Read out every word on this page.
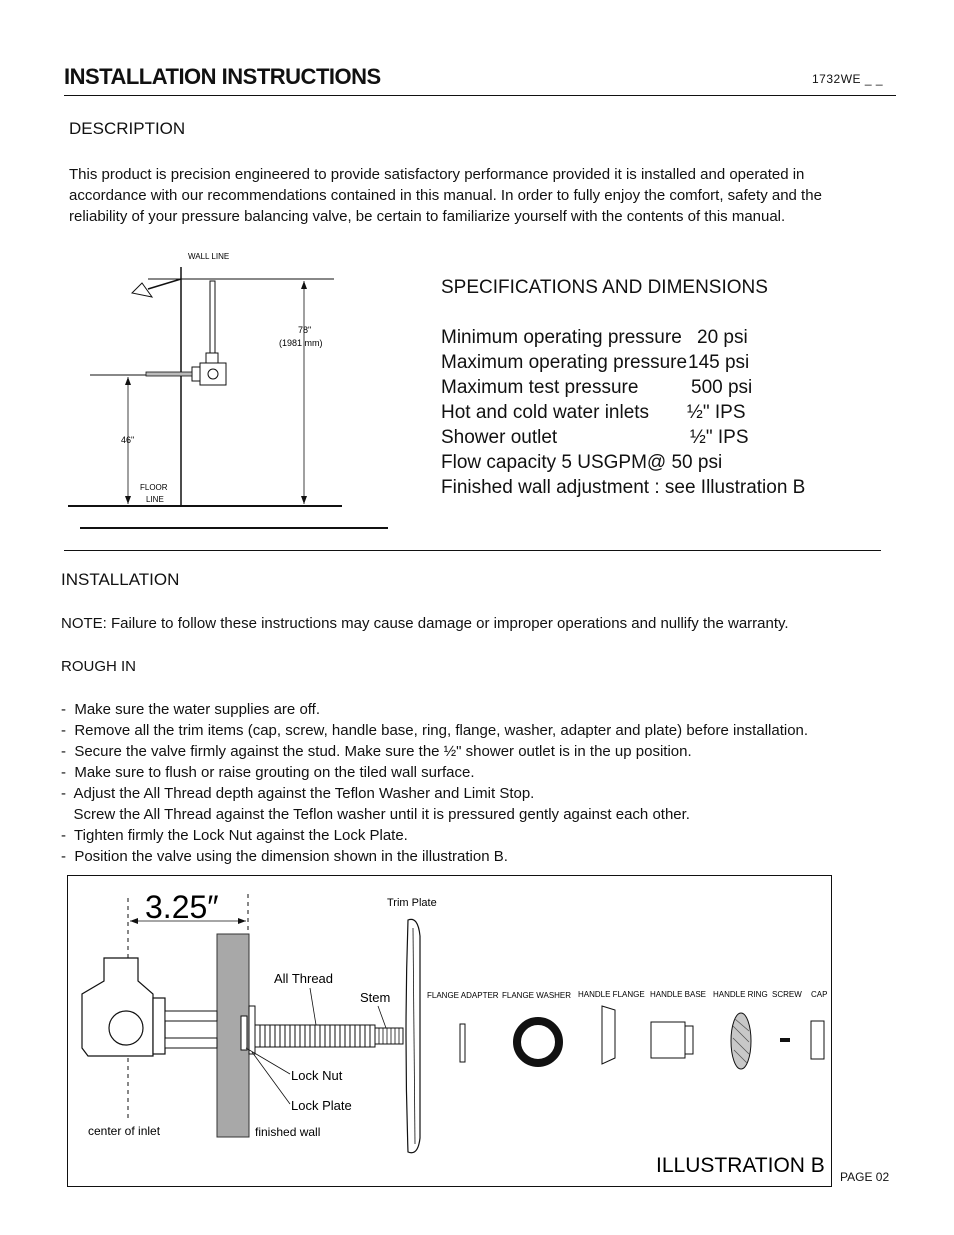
INSTALLATION INSTRUCTIONS	1732WE _ _
DESCRIPTION
This product is precision engineered to provide satisfactory performance provided it is installed and operated in accordance with our recommendations contained in this manual. In order to fully enjoy the comfort, safety and the reliability of your pressure balancing valve, be certain to familiarize yourself with the contents of this manual.
WALL LINE
78"
(1981 mm)
46"
FLOOR
LINE
SPECIFICATIONS AND DIMENSIONS
Minimum operating pressure 20 psi
Maximum operating pressure 145 psi
Maximum test pressure	500 psi
Hot and cold water inlets ½" IPS
Shower outlet	½" IPS
Flow capacity 5 USGPM@ 50 psi
Finished wall adjustment : see Illustration B
INSTALLATION
NOTE: Failure to follow these instructions may cause damage or improper operations and nullify the warranty.
ROUGH IN
-  Make sure the water supplies are off.
-  Remove all the trim items (cap, screw, handle base, ring, flange, washer, adapter and plate) before installation.
-  Secure the valve firmly against the stud. Make sure the ½" shower outlet is in the up position.
-  Make sure to flush or raise grouting on the tiled wall surface.
-  Adjust the All Thread depth against the Teflon Washer and Limit Stop.
Screw the All Thread against the Teflon washer until it is pressured gently against each other.
-  Tighten firmly the Lock Nut against the Lock Plate.
-  Position the valve using the dimension shown in the illustration B.
3.25″	Trim Plate
All Thread
Stem
Lock Nut
Lock Plate
center of inlet	finished wall
FLANGE ADAPTER FLANGE WASHER HANDLE FLANGE HANDLE BASE HANDLE RING SCREW CAP
ILLUSTRATION B PAGE 02
